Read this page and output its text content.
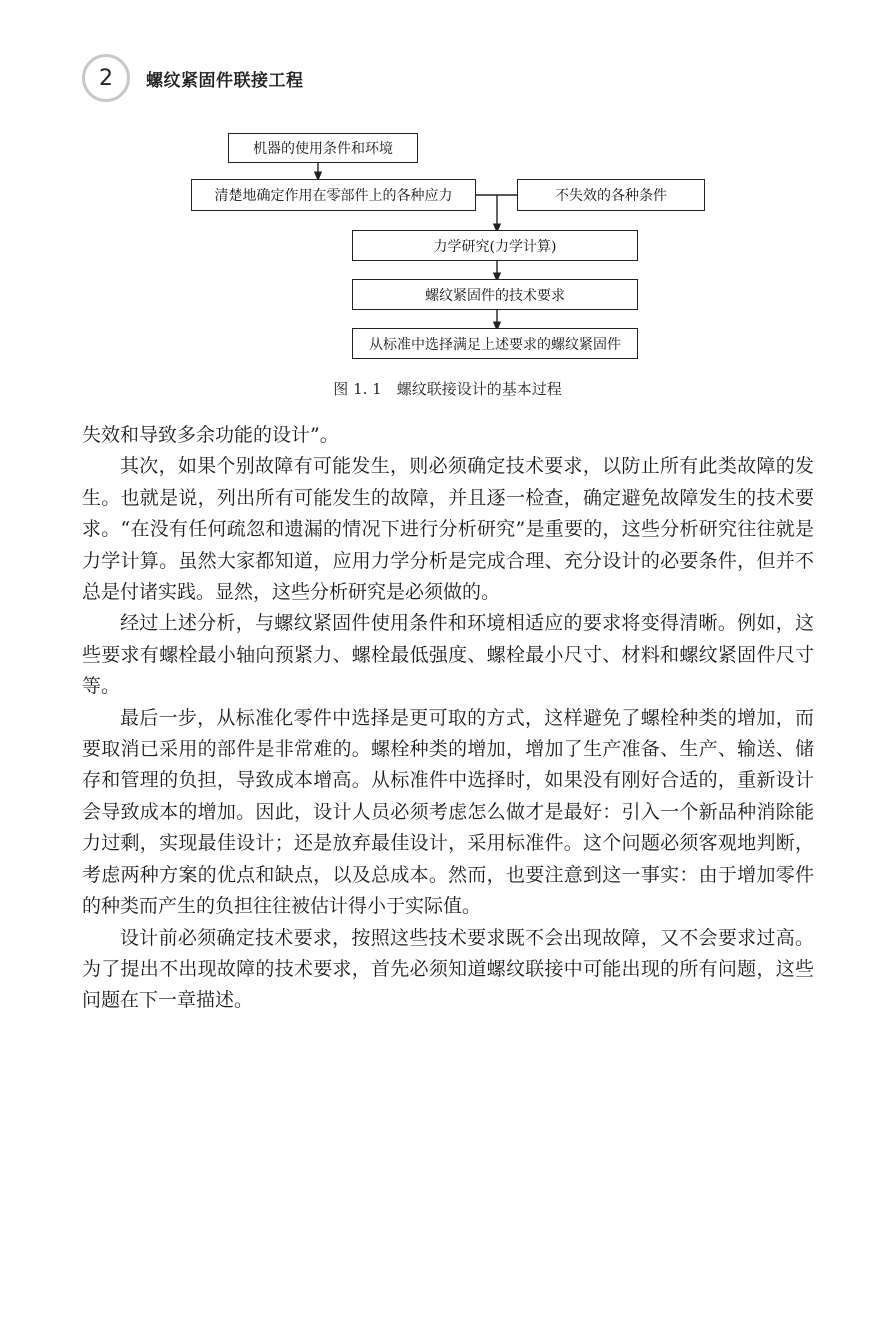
2 螺纹紧固件联接工程
机器的使用条件和环境
清楚地确定作用在零部件上的各种应力	不失效的各种条件
力学研究(力学计算)
螺纹紧固件的技术要求
从标准中选择满足上述要求的螺纹紧固件
图 1. 1　螺纹联接设计的基本过程

失效和导致多余功能的设计”。

其次，如果个别故障有可能发生，则必须确定技术要求，以防止所有此类故障的发生。也就是说，列出所有可能发生的故障，并且逐一检查，确定避免故障发生的技术要求。“在没有任何疏忽和遗漏的情况下进行分析研究”是重要的，这些分析研究往往就是力学计算。虽然大家都知道，应用力学分析是完成合理、充分设计的必要条件，但并不总是付诸实践。显然，这些分析研究是必须做的。

经过上述分析，与螺纹紧固件使用条件和环境相适应的要求将变得清晰。例如，这些要求有螺栓最小轴向预紧力、螺栓最低强度、螺栓最小尺寸、材料和螺纹紧固件尺寸等。

最后一步，从标准化零件中选择是更可取的方式，这样避免了螺栓种类的增加，而要取消已采用的部件是非常难的。螺栓种类的增加，增加了生产准备、生产、输送、储存和管理的负担，导致成本增高。从标准件中选择时，如果没有刚好合适的，重新设计会导致成本的增加。因此，设计人员必须考虑怎么做才是最好：引入一个新品种消除能力过剩，实现最佳设计；还是放弃最佳设计，采用标准件。这个问题必须客观地判断，考虑两种方案的优点和缺点，以及总成本。然而，也要注意到这一事实：由于增加零件的种类而产生的负担往往被估计得小于实际值。

设计前必须确定技术要求，按照这些技术要求既不会出现故障，又不会要求过高。为了提出不出现故障的技术要求，首先必须知道螺纹联接中可能出现的所有问题，这些问题在下一章描述。
